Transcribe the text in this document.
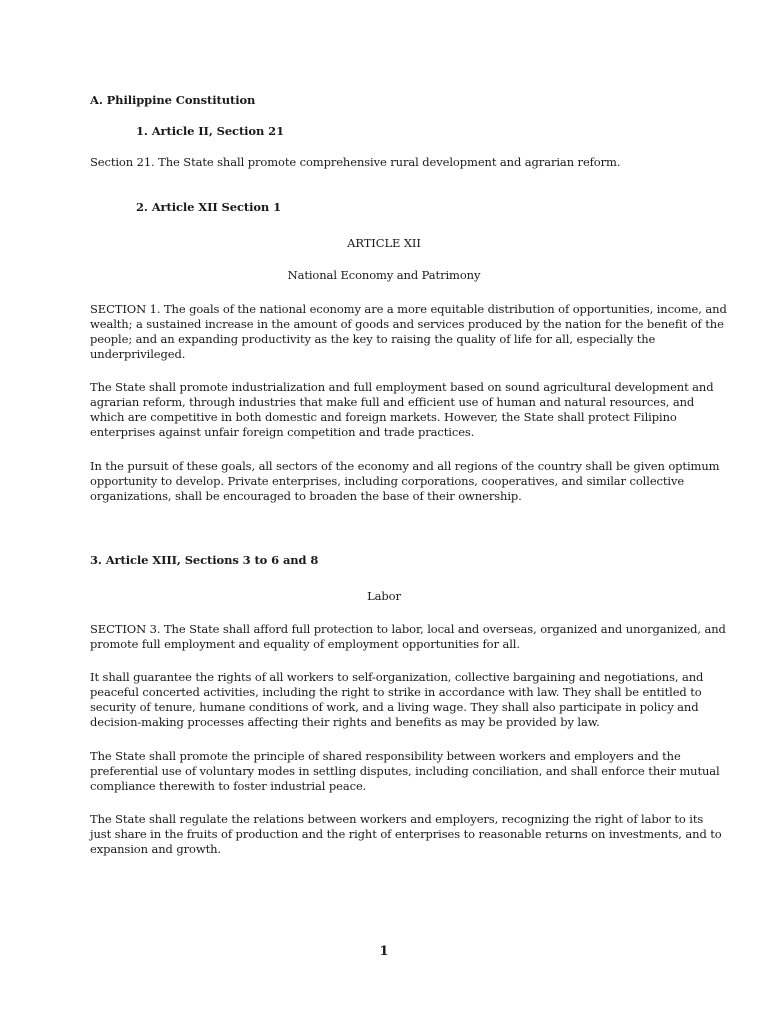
A. Philippine Constitution
1. Article II, Section 21
Section 21. The State shall promote comprehensive rural development and agrarian reform.
2. Article XII Section 1
ARTICLE XII
National Economy and Patrimony
SECTION 1. The goals of the national economy are a more equitable distribution of opportunities, income, and
wealth; a sustained increase in the amount of goods and services produced by the nation for the benefit of the
people; and an expanding productivity as the key to raising the quality of life for all, especially the
underprivileged.
The State shall promote industrialization and full employment based on sound agricultural development and
agrarian reform, through industries that make full and efficient use of human and natural resources, and
which are competitive in both domestic and foreign markets. However, the State shall protect Filipino
enterprises against unfair foreign competition and trade practices.
In the pursuit of these goals, all sectors of the economy and all regions of the country shall be given optimum
opportunity to develop. Private enterprises, including corporations, cooperatives, and similar collective
organizations, shall be encouraged to broaden the base of their ownership.
3. Article XIII, Sections 3 to 6 and 8
Labor
SECTION 3. The State shall afford full protection to labor, local and overseas, organized and unorganized, and
promote full employment and equality of employment opportunities for all.
It shall guarantee the rights of all workers to self-organization, collective bargaining and negotiations, and
peaceful concerted activities, including the right to strike in accordance with law. They shall be entitled to
security of tenure, humane conditions of work, and a living wage. They shall also participate in policy and
decision-making processes affecting their rights and benefits as may be provided by law.
The State shall promote the principle of shared responsibility between workers and employers and the
preferential use of voluntary modes in settling disputes, including conciliation, and shall enforce their mutual
compliance therewith to foster industrial peace.
The State shall regulate the relations between workers and employers, recognizing the right of labor to its
just share in the fruits of production and the right of enterprises to reasonable returns on investments, and to
expansion and growth.
1
